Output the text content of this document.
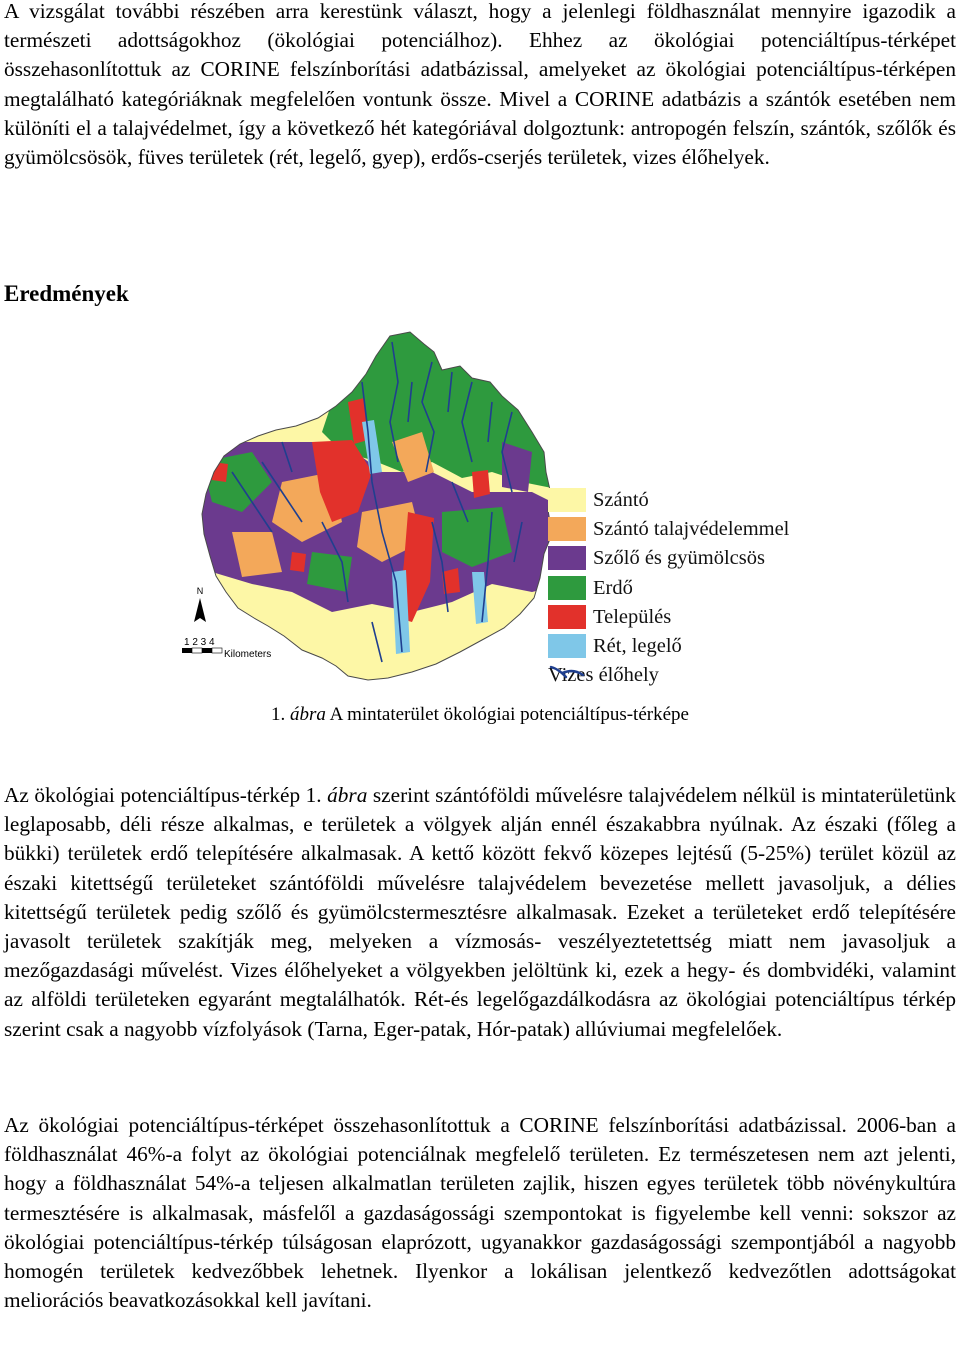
A vizsgálat további részében arra kerestünk választ, hogy a jelenlegi földhasználat mennyire igazodik a természeti adottságokhoz (ökológiai potenciálhoz). Ehhez az ökológiai potenciáltípus-térképet összehasonlítottuk az CORINE felszínborítási adatbázissal, amelyeket az ökológiai potenciáltípus-térképen megtalálható kategóriáknak megfelelően vontunk össze. Mivel a CORINE adatbázis a szántók esetében nem különíti el a talajvédelmet, így a következő hét kategóriával dolgoztunk: antropogén felszín, szántók, szőlők és gyümölcsösök, füves területek (rét, legelő, gyep), erdős-cserjés területek, vizes élőhelyek.

Eredmények
N
1 2 3 4
Kilometers
Szántó
Szántó talajvédelemmel
Szőlő és gyümölcsös
Erdő
Település
Rét, legelő
Vizes élőhely

1. ábra A mintaterület ökológiai potenciáltípus-térképe

Az ökológiai potenciáltípus-térkép 1. ábra szerint szántóföldi művelésre talajvédelem nélkül is mintaterületünk leglaposabb, déli része alkalmas, e területek a völgyek alján ennél északabbra nyúlnak. Az északi (főleg a bükki) területek erdő telepítésére alkalmasak. A kettő között fekvő közepes lejtésű (5-25%) terület közül az északi kitettségű területeket szántóföldi művelésre talajvédelem bevezetése mellett javasoljuk, a délies kitettségű területek pedig szőlő és gyümölcstermesztésre alkalmasak. Ezeket a területeket erdő telepítésére javasolt területek szakítják meg, melyeken a vízmosás- veszélyeztetettség miatt nem javasoljuk a mezőgazdasági művelést. Vizes élőhelyeket a völgyekben jelöltünk ki, ezek a hegy- és dombvidéki, valamint az alföldi területeken egyaránt megtalálhatók. Rét-és legelőgazdálkodásra az ökológiai potenciáltípus térkép szerint csak a nagyobb vízfolyások (Tarna, Eger-patak, Hór-patak) allúviumai megfelelőek.

Az ökológiai potenciáltípus-térképet összehasonlítottuk a CORINE felszínborítási adatbázissal. 2006-ban a földhasználat 46%-a folyt az ökológiai potenciálnak megfelelő területen. Ez természetesen nem azt jelenti, hogy a földhasználat 54%-a teljesen alkalmatlan területen zajlik, hiszen egyes területek több növénykultúra termesztésére is alkalmasak, másfelől a gazdaságossági szempontokat is figyelembe kell venni: sokszor az ökológiai potenciáltípus-térkép túlságosan elaprózott, ugyanakkor gazdaságossági szempontjából a nagyobb homogén területek kedvezőbbek lehetnek. Ilyenkor a lokálisan jelentkező kedvezőtlen adottságokat meliorációs beavatkozásokkal kell javítani.
